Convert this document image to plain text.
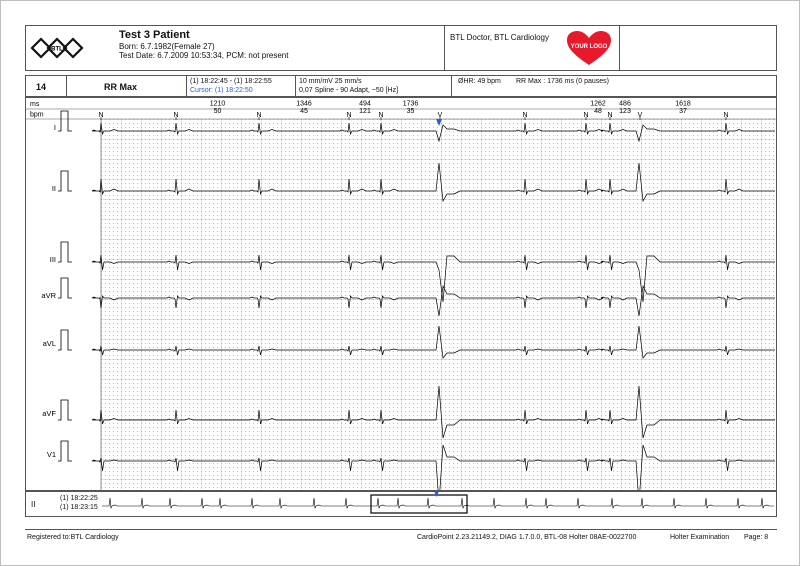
BTL
Test 3 Patient
Born: 6.7.1982(Female 27)
Test Date: 6.7.2009 10:53:34, PCM: not present
BTL Doctor, BTL Cardiology
YOUR LOGO
14	RR Max
(1) 18:22:45 - (1) 18:22:55
Cursor: (1) 18:22:50
10 mm/mV 25 mm/s
0,07 Spline - 90 Adapt, ~50 [Hz]
ØHR: 49 bpm RR Max : 1736 ms (0 pauses)
ms
bpm	N	N	N	N	N	V	N	N	N	V	N
1210
50
1346
45
494
121
1736
35
1262
48
486
123
1618
37
I
II
III
aVR
aVL
aVF
V1
II
(1) 18:22:25
(1) 18:23:15
Registered to:BTL Cardiology	CardioPoint 2.23.21149.2, DIAG 1.7.0.0, BTL-08 Holter 08AE-0022700	Holter Examination Page: 8
